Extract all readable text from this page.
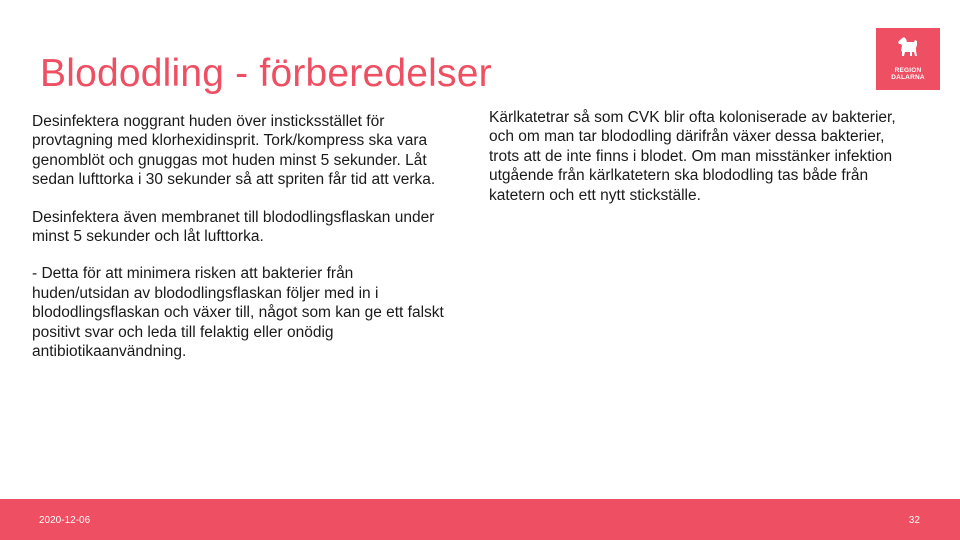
Blododling - förberedelser	REGION
DALARNA

Desinfektera noggrant huden över insticksstället för provtagning med klorhexidinsprit. Tork/kompress ska vara genomblöt och gnuggas mot huden minst 5 sekunder. Låt sedan lufttorka i 30 sekunder så att spriten får tid att verka.

Desinfektera även membranet till blododlingsflaskan under minst 5 sekunder och låt lufttorka.

- Detta för att minimera risken att bakterier från huden/utsidan av blododlingsflaskan följer med in i blododlingsflaskan och växer till, något som kan ge ett falskt positivt svar och leda till felaktig eller onödig antibiotikaanvändning.

Kärlkatetrar så som CVK blir ofta koloniserade av bakterier, och om man tar blododling därifrån växer dessa bakterier, trots att de inte finns i blodet. Om man misstänker infektion utgående från kärlkatetern ska blododling tas både från katetern och ett nytt stickställe.

2020-12-06	32
